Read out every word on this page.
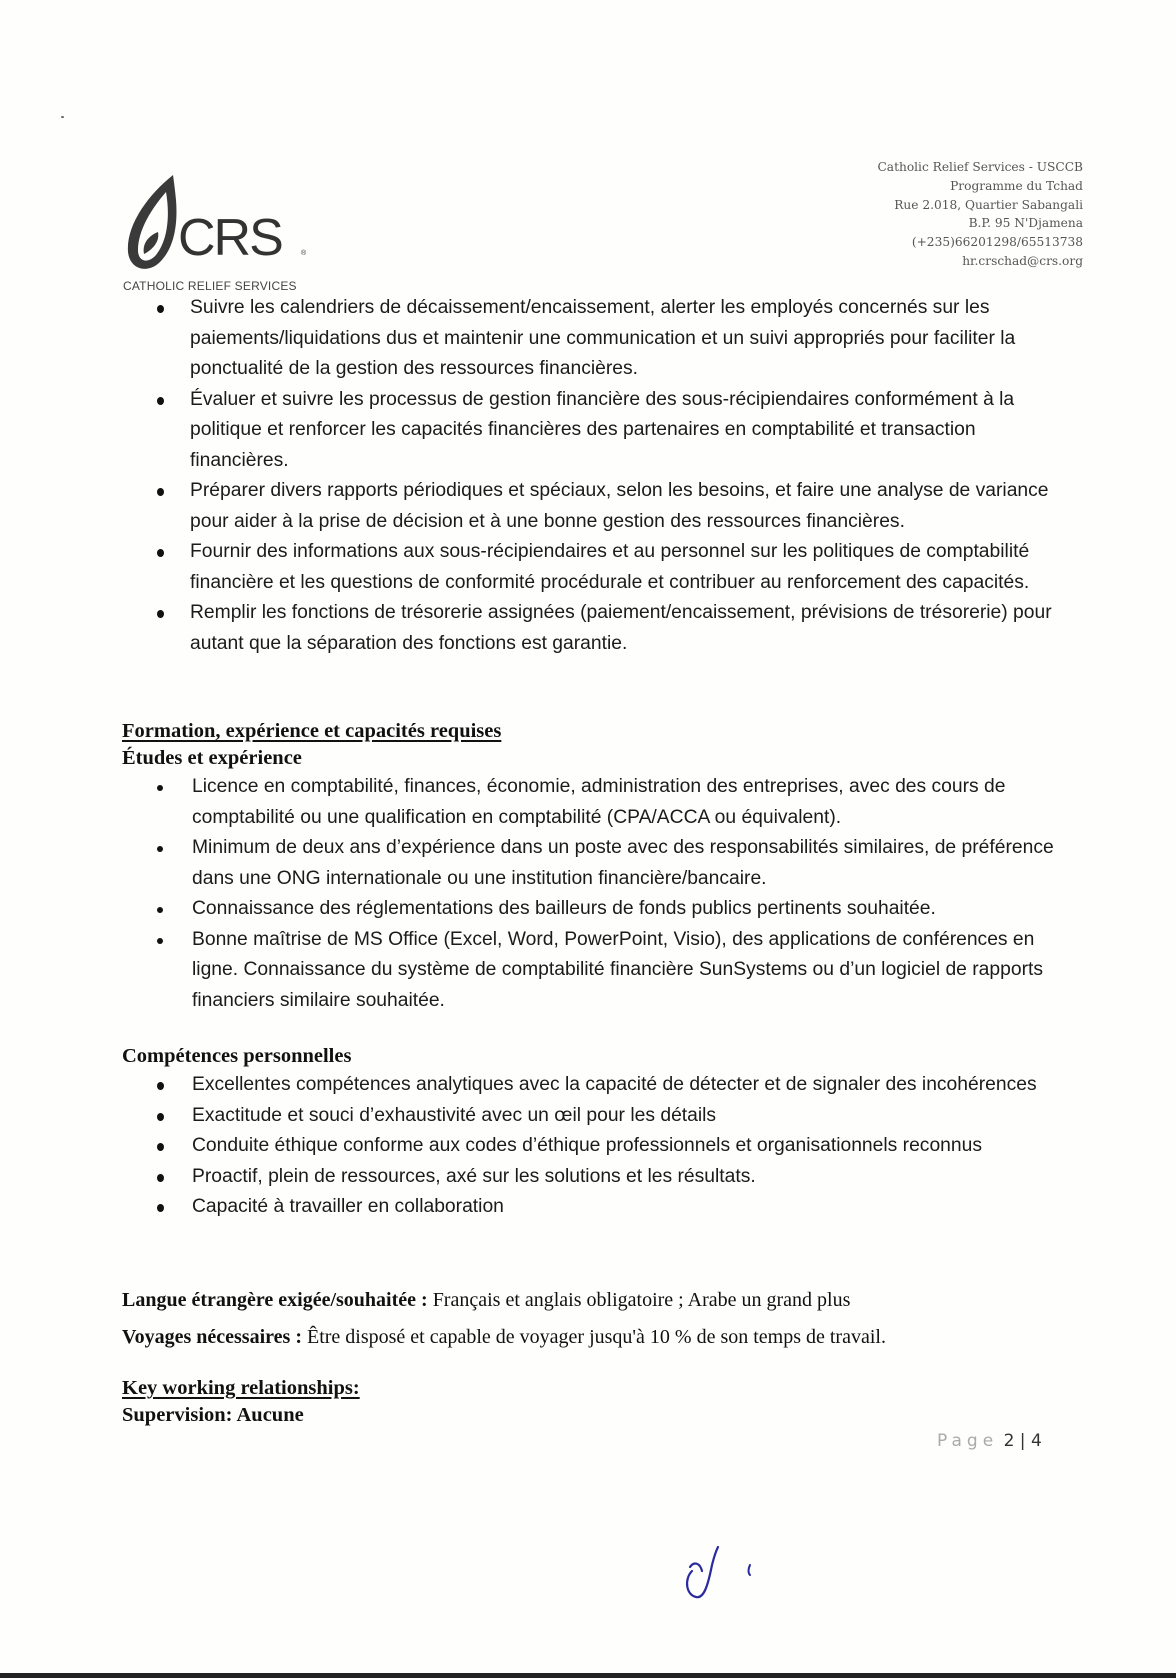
CRS	®
CATHOLIC RELIEF SERVICES
Catholic Relief Services - USCCB
Programme du Tchad
Rue 2.018, Quartier Sabangali
B.P. 95 N'Djamena
(+235)66201298/65513738
hr.crschad@crs.org
Suivre les calendriers de décaissement/encaissement, alerter les employés concernés sur les paiements/liquidations dus et maintenir une communication et un suivi appropriés pour faciliter la ponctualité de la gestion des ressources financières.
Évaluer et suivre les processus de gestion financière des sous-récipiendaires conformément à la politique et renforcer les capacités financières des partenaires en comptabilité et transaction financières.
Préparer divers rapports périodiques et spéciaux, selon les besoins, et faire une analyse de variance pour aider à la prise de décision et à une bonne gestion des ressources financières.
Fournir des informations aux sous-récipiendaires et au personnel sur les politiques de comptabilité financière et les questions de conformité procédurale et contribuer au renforcement des capacités.
Remplir les fonctions de trésorerie assignées (paiement/encaissement, prévisions de trésorerie) pour autant que la séparation des fonctions est garantie.
Formation, expérience et capacités requises
Études et expérience
Licence en comptabilité, finances, économie, administration des entreprises, avec des cours de comptabilité ou une qualification en comptabilité (CPA/ACCA ou équivalent).
Minimum de deux ans d’expérience dans un poste avec des responsabilités similaires, de préférence dans une ONG internationale ou une institution financière/bancaire.
Connaissance des réglementations des bailleurs de fonds publics pertinents souhaitée.
Bonne maîtrise de MS Office (Excel, Word, PowerPoint, Visio), des applications de conférences en ligne. Connaissance du système de comptabilité financière SunSystems ou d’un logiciel de rapports financiers similaire souhaitée.
Compétences personnelles
Excellentes compétences analytiques avec la capacité de détecter et de signaler des incohérences
Exactitude et souci d’exhaustivité avec un œil pour les détails
Conduite éthique conforme aux codes d’éthique professionnels et organisationnels reconnus
Proactif, plein de ressources, axé sur les solutions et les résultats.
Capacité à travailler en collaboration
Langue étrangère exigée/souhaitée : Français et anglais obligatoire ; Arabe un grand plus
Voyages nécessaires : Être disposé et capable de voyager jusqu'à 10 % de son temps de travail.
Key working relationships:
Supervision: Aucune
Page 2 | 4
